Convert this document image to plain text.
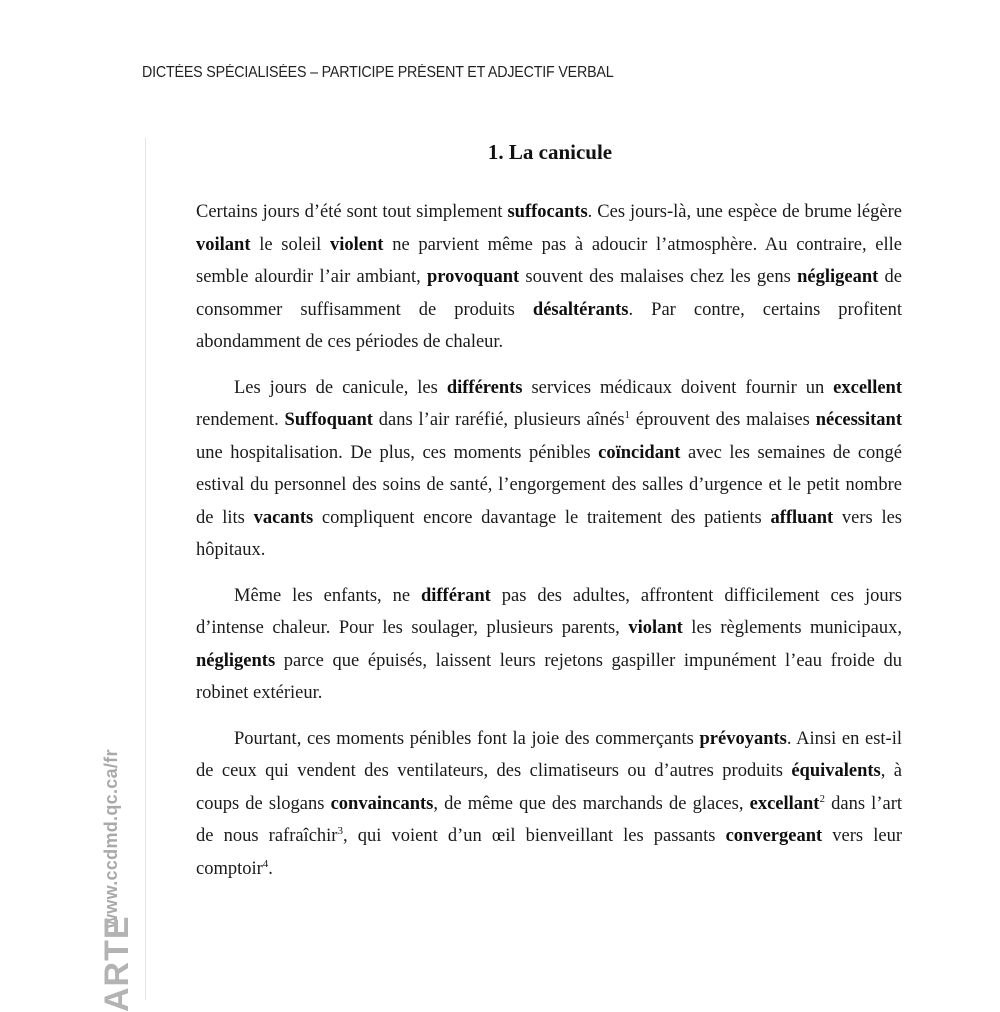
DICTÉES SPÉCIALISÉES – PARTICIPE PRÉSENT ET ADJECTIF VERBAL
www.ccdmd.qc.ca/fr
ARTE
1. La canicule

Certains jours d’été sont tout simplement suffocants. Ces jours-là, une espèce de brume légère voilant le soleil violent ne parvient même pas à adoucir l’atmosphère. Au contraire, elle semble alourdir l’air ambiant, provoquant souvent des malaises chez les gens négligeant de consommer suffisamment de produits désaltérants. Par contre, certains profitent abondamment de ces périodes de chaleur.

Les jours de canicule, les différents services médicaux doivent fournir un excellent rendement. Suffoquant dans l’air raréfié, plusieurs aînés$^1$ éprouvent des malaises nécessitant une hospitalisation. De plus, ces moments pénibles coïncidant avec les semaines de congé estival du personnel des soins de santé, l’engorgement des salles d’urgence et le petit nombre de lits vacants compliquent encore davantage le traitement des patients affluant vers les hôpitaux.

Même les enfants, ne différant pas des adultes, affrontent difficilement ces jours d’intense chaleur. Pour les soulager, plusieurs parents, violant les règlements municipaux, négligents parce que épuisés, laissent leurs rejetons gaspiller impunément l’eau froide du robinet extérieur.

Pourtant, ces moments pénibles font la joie des commerçants prévoyants. Ainsi en est-il de ceux qui vendent des ventilateurs, des climatiseurs ou d’autres produits équivalents, à coups de slogans convaincants, de même que des marchands de glaces, excellant$^2$ dans l’art de nous rafraîchir$^3$, qui voient d’un œil bienveillant les passants convergeant vers leur comptoir$^4$.
